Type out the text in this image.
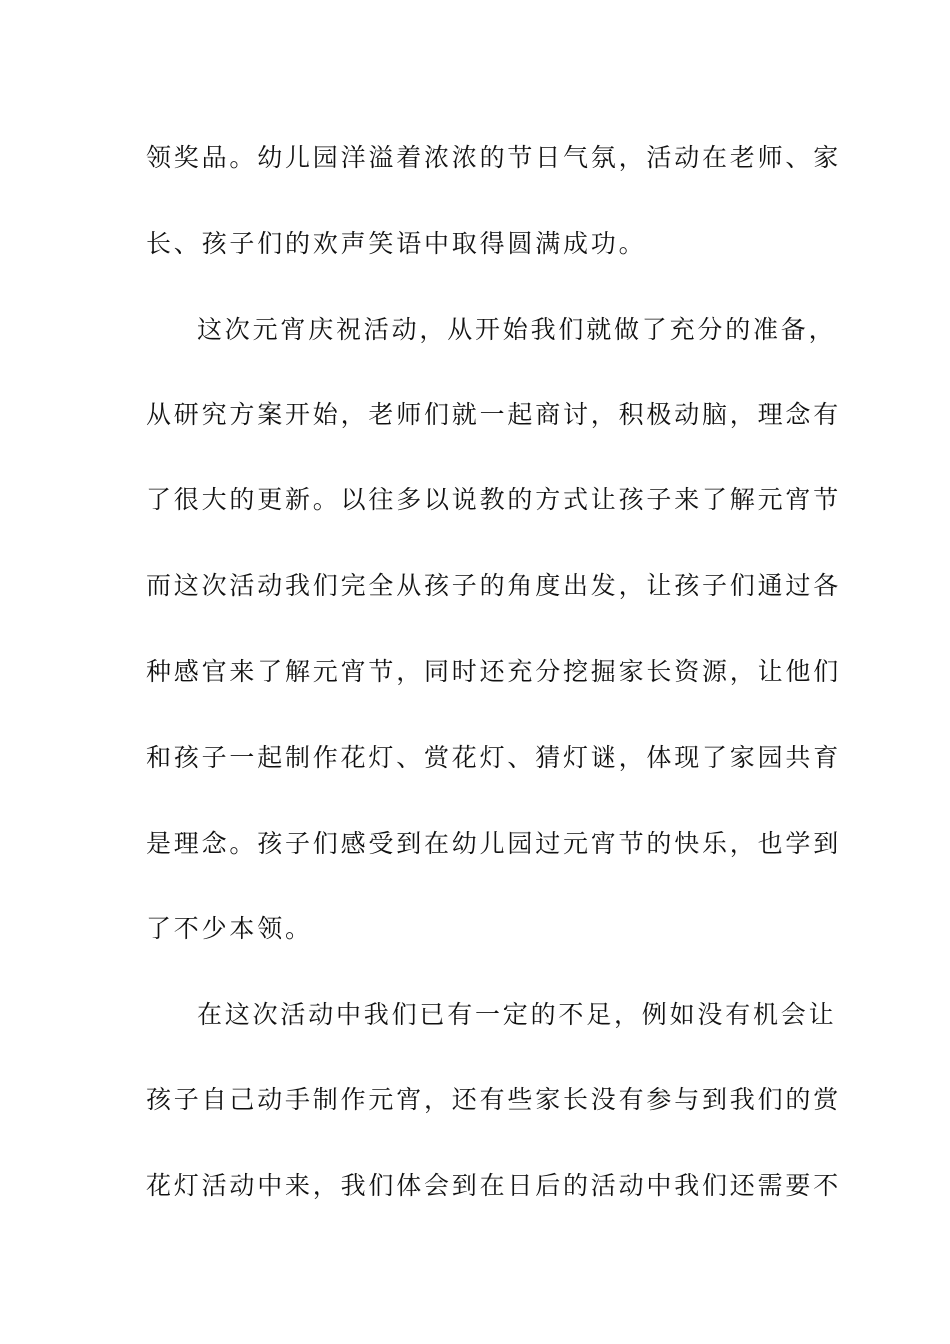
领奖品。幼儿园洋溢着浓浓的节日气氛，活动在老师、家
长、孩子们的欢声笑语中取得圆满成功。
这次元宵庆祝活动，从开始我们就做了充分的准备，
从研究方案开始，老师们就一起商讨，积极动脑，理念有
了很大的更新。以往多以说教的方式让孩子来了解元宵节
而这次活动我们完全从孩子的角度出发，让孩子们通过各
种感官来了解元宵节，同时还充分挖掘家长资源，让他们
和孩子一起制作花灯、赏花灯、猜灯谜，体现了家园共育
是理念。孩子们感受到在幼儿园过元宵节的快乐，也学到
了不少本领。
在这次活动中我们已有一定的不足，例如没有机会让
孩子自己动手制作元宵，还有些家长没有参与到我们的赏
花灯活动中来，我们体会到在日后的活动中我们还需要不
